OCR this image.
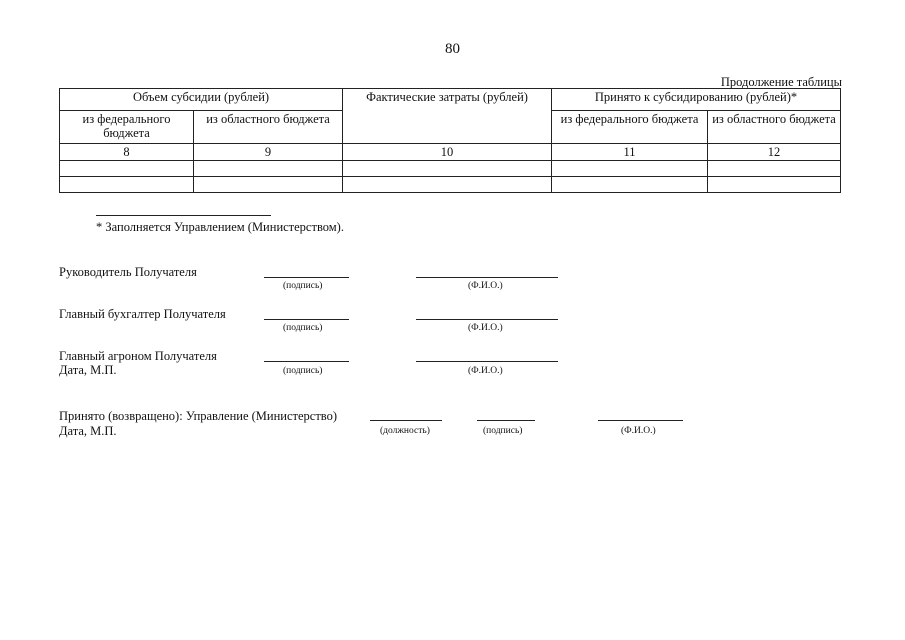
80
Продолжение таблицы
Объем субсидии (рублей)		Фактические затраты (рублей)	Принято к субсидированию (рублей)*	
из федерального бюджета	из областного бюджета		из федерального бюджета	из областного бюджета
8	9	10	11	12

* Заполняется Управлением (Министерством).
Руководитель Получателя
(подпись)	(Ф.И.О.)
Главный бухгалтер Получателя
(подпись)	(Ф.И.О.)
Главный агроном Получателя
Дата, М.П.	(подпись)	(Ф.И.О.)
Принято (возвращено): Управление (Министерство)
Дата, М.П.	(должность)	(подпись)	(Ф.И.О.)
